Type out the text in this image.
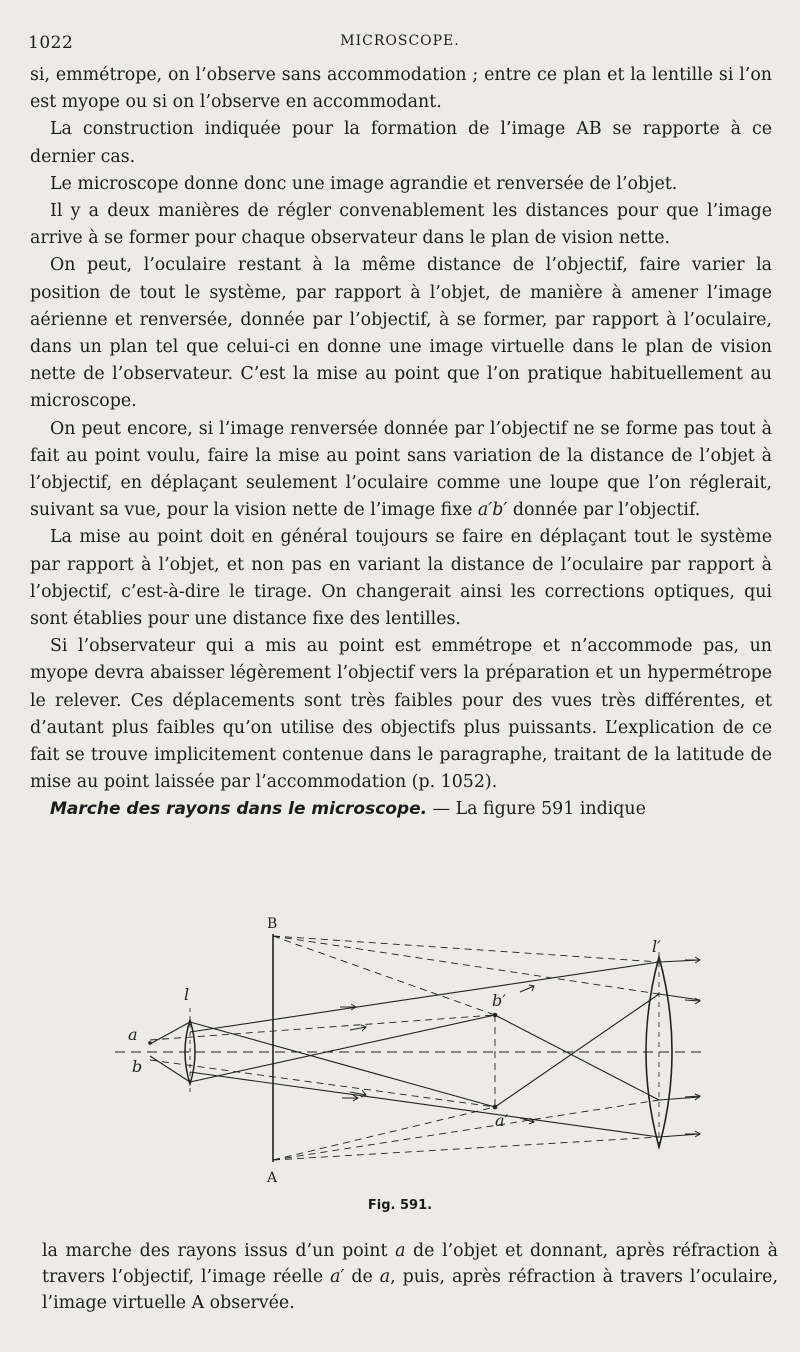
1022	MICROSCOPE.

si, emmétrope, on l’observe sans accommodation ; entre ce plan et la lentille si l’on est myope ou si on l’observe en accommodant.

La construction indiquée pour la formation de l’image AB se rapporte à ce dernier cas.

Le microscope donne donc une image agrandie et renversée de l’objet.

Il y a deux manières de régler convenablement les distances pour que l’image arrive à se former pour chaque observateur dans le plan de vision nette.

On peut, l’oculaire restant à la même distance de l’objectif, faire varier la position de tout le système, par rapport à l’objet, de manière à amener l’image aérienne et renversée, donnée par l’objectif, à se former, par rapport à l’oculaire, dans un plan tel que celui-ci en donne une image virtuelle dans le plan de vision nette de l’observateur. C’est la mise au point que l’on pratique habituellement au microscope.

On peut encore, si l’image renversée donnée par l’objectif ne se forme pas tout à fait au point voulu, faire la mise au point sans variation de la distance de l’objet à l’objectif, en déplaçant seulement l’oculaire comme une loupe que l’on réglerait, suivant sa vue, pour la vision nette de l’image fixe a′b′ donnée par l’objectif.

La mise au point doit en général toujours se faire en déplaçant tout le système par rapport à l’objet, et non pas en variant la distance de l’oculaire par rapport à l’objectif, c’est-à-dire le tirage. On changerait ainsi les corrections optiques, qui sont établies pour une distance fixe des lentilles.

Si l’observateur qui a mis au point est emmétrope et n’accommode pas, un myope devra abaisser légèrement l’objectif vers la préparation et un hypermétrope le relever. Ces déplacements sont très faibles pour des vues très différentes, et d’autant plus faibles qu’on utilise des objectifs plus puissants. L’explication de ce fait se trouve implicitement contenue dans le paragraphe, traitant de la latitude de mise au point laissée par l’accommodation (p. 1052).

Marche des rayons dans le microscope. — La figure 591 indique

B
A
l
l′
a
b
b′
a′
Fig. 591.

la marche des rayons issus d’un point a de l’objet et donnant, après réfraction à travers l’objectif, l’image réelle a′ de a, puis, après réfraction à travers l’oculaire, l’image virtuelle A observée.
